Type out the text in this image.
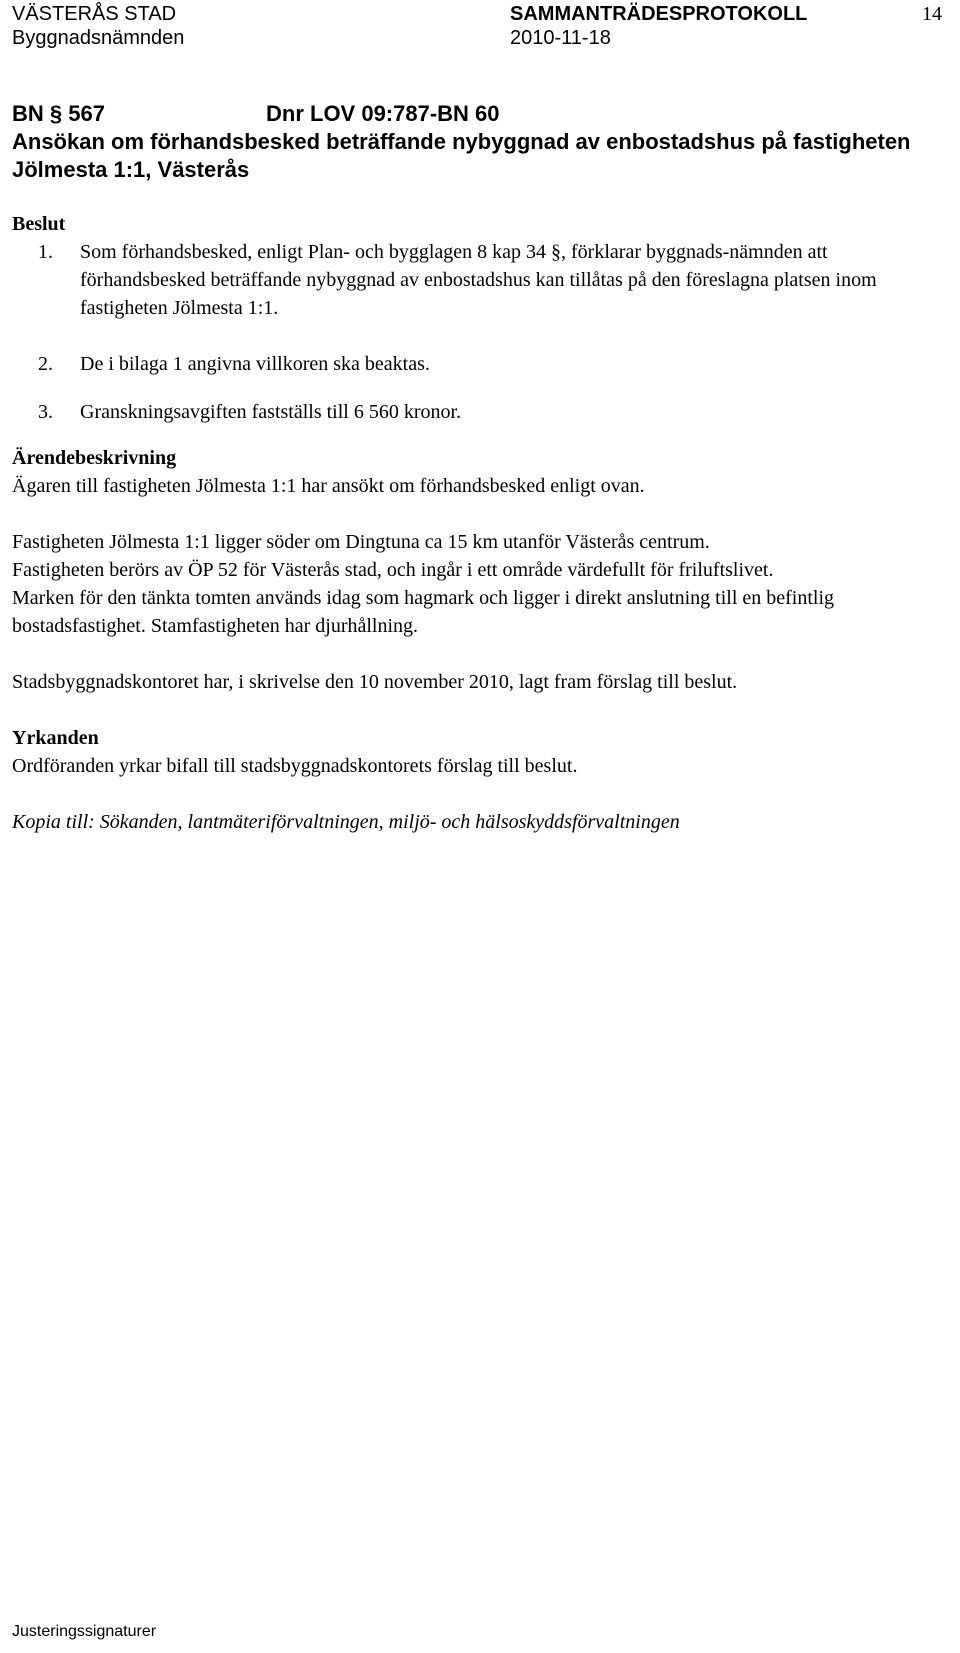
VÄSTERÅS STAD
Byggnadsnämnden
SAMMANTRÄDESPROTOKOLL
2010-11-18
14
BN § 567	Dnr LOV 09:787-BN 60
Ansökan om förhandsbesked beträffande nybyggnad av enbostadshus på fastigheten Jölmesta 1:1, Västerås
Beslut
1. Som förhandsbesked, enligt Plan- och bygglagen 8 kap 34 §, förklarar byggnads-nämnden att förhandsbesked beträffande nybyggnad av enbostadshus kan tillåtas på den föreslagna platsen inom fastigheten Jölmesta 1:1.
2. De i bilaga 1 angivna villkoren ska beaktas.
3. Granskningsavgiften fastställs till 6 560 kronor.
Ärendebeskrivning

Ägaren till fastigheten Jölmesta 1:1 har ansökt om förhandsbesked enligt ovan.

Fastigheten Jölmesta 1:1 ligger söder om Dingtuna ca 15 km utanför Västerås centrum.

Fastigheten berörs av ÖP 52 för Västerås stad, och ingår i ett område värdefullt för friluftslivet.

Marken för den tänkta tomten används idag som hagmark och ligger i direkt anslutning till en befintlig bostadsfastighet. Stamfastigheten har djurhållning.

Stadsbyggnadskontoret har, i skrivelse den 10 november 2010, lagt fram förslag till beslut.

Yrkanden

Ordföranden yrkar bifall till stadsbyggnadskontorets förslag till beslut.

Kopia till: Sökanden, lantmäteriförvaltningen, miljö- och hälsoskyddsförvaltningen

Justeringssignaturer
